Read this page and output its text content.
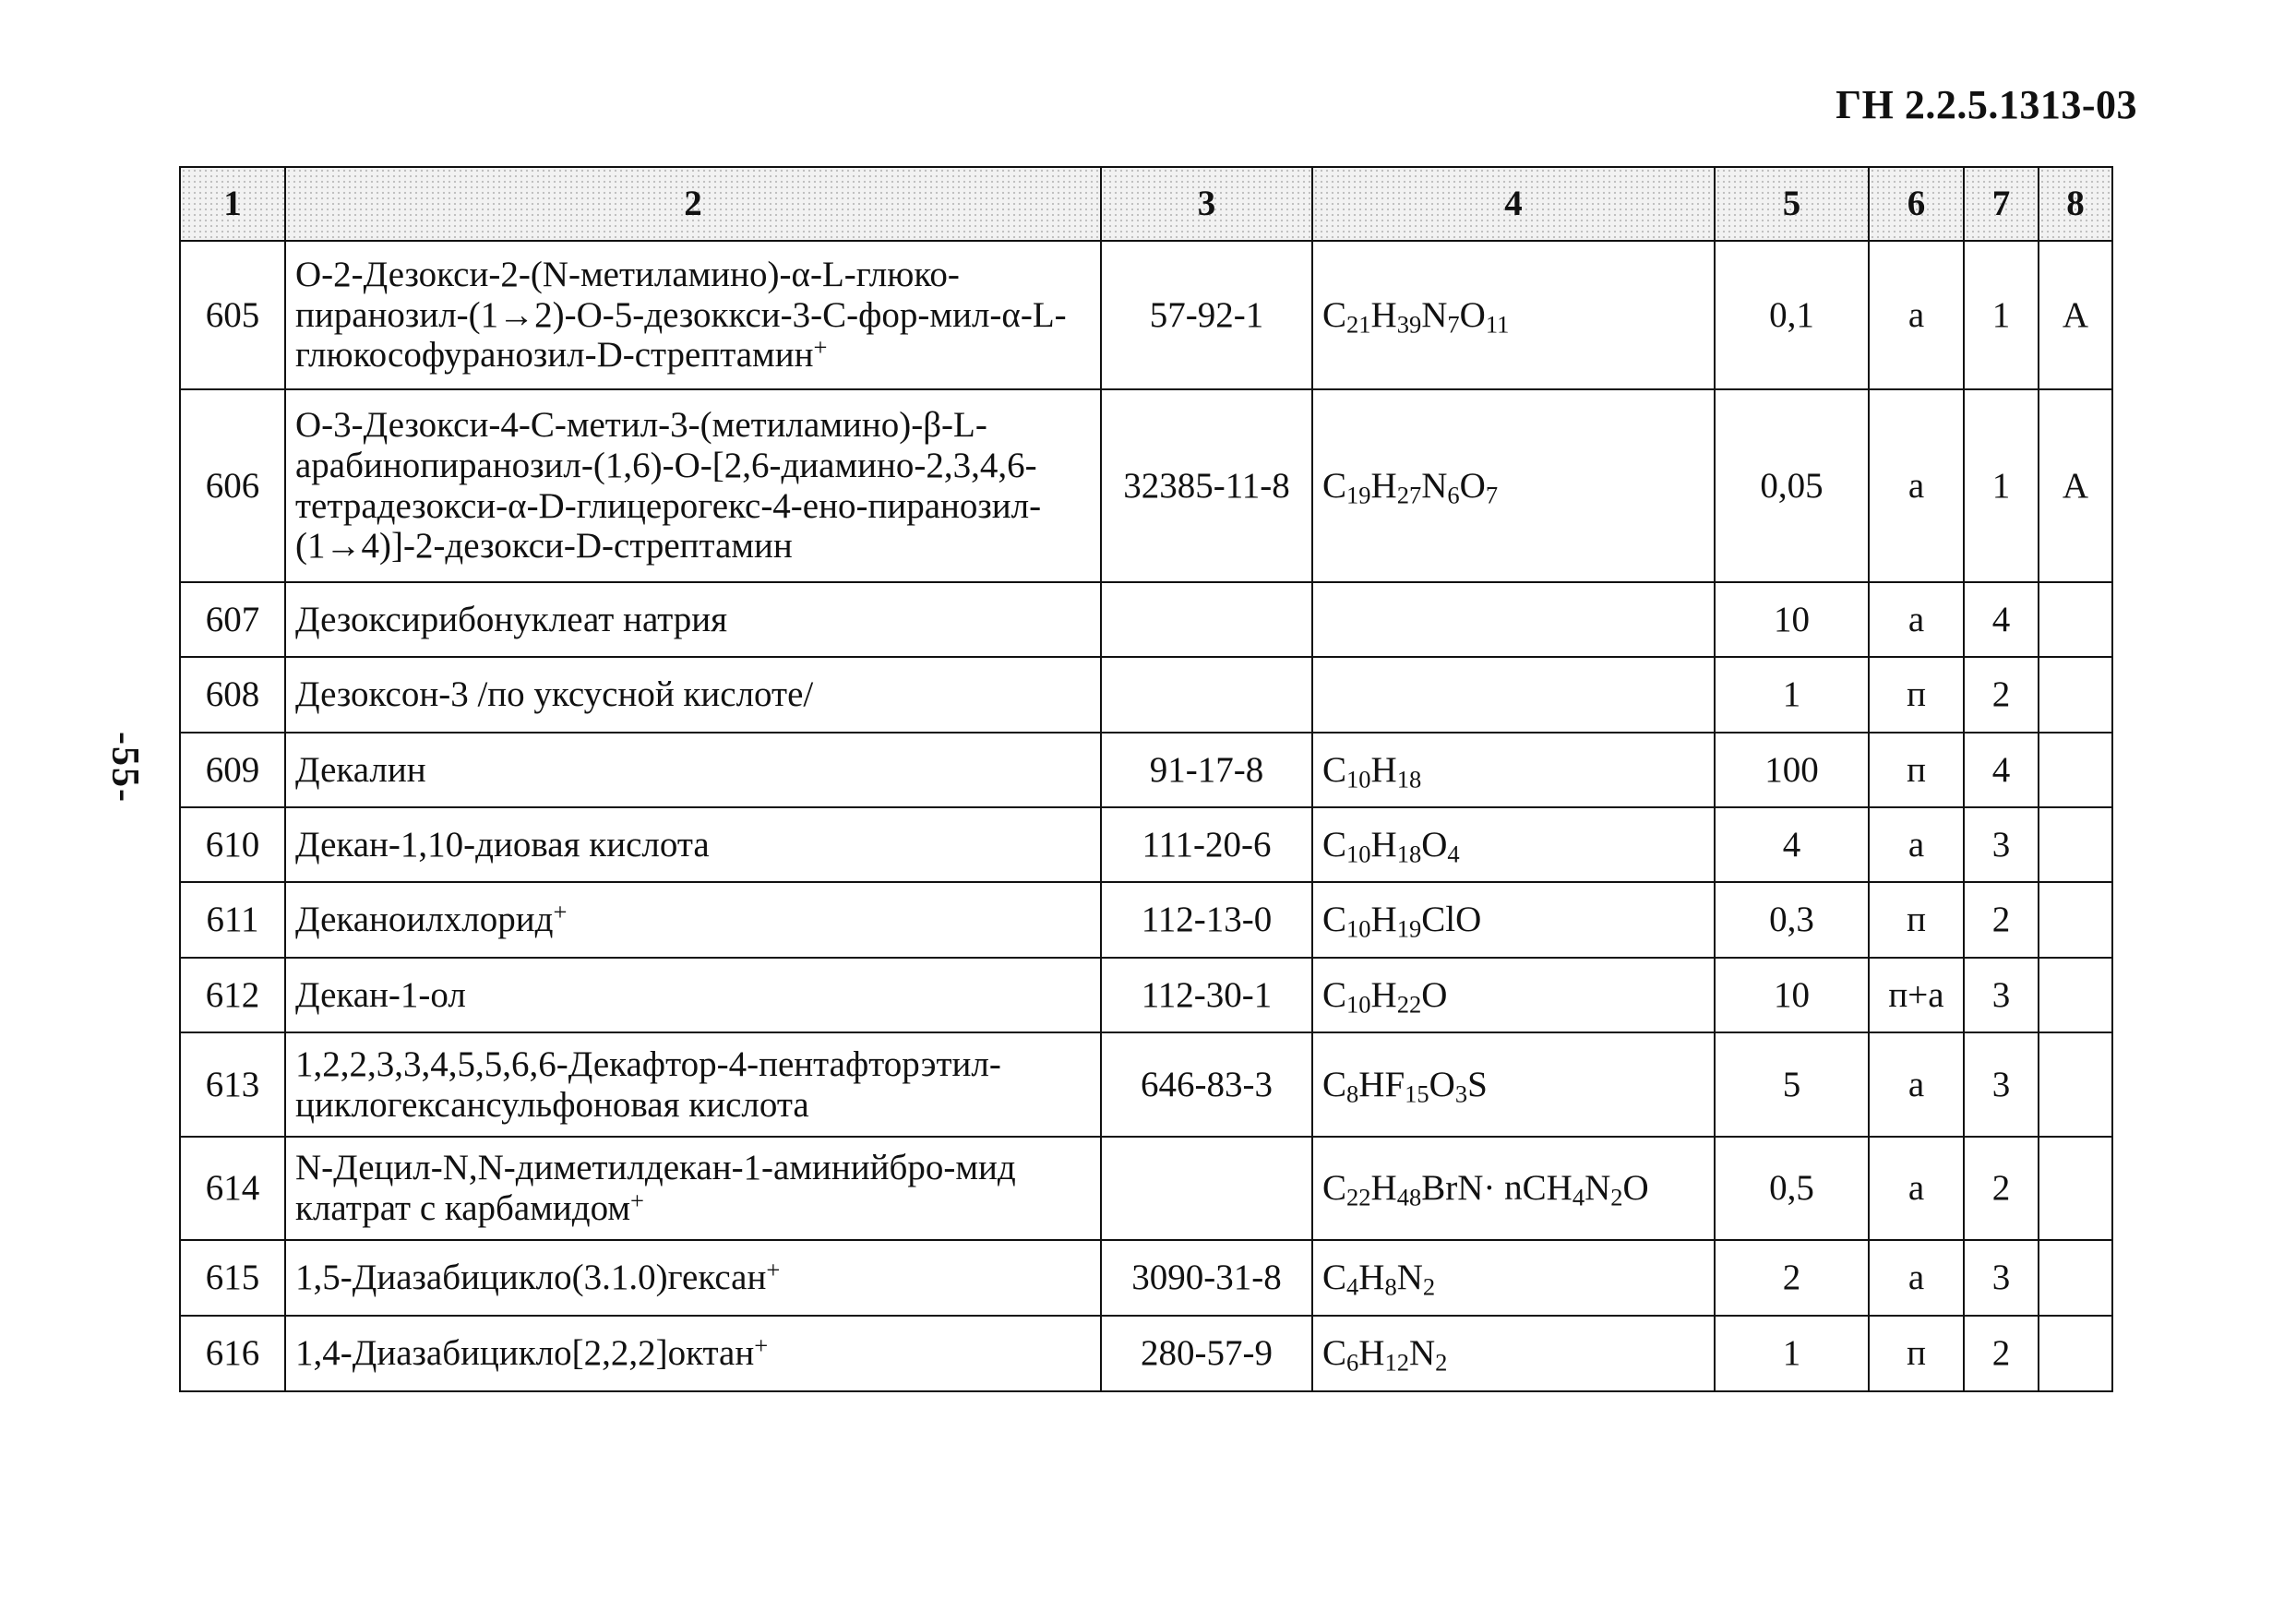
ГН 2.2.5.1313-03
-55-
1	2	3	4	5	6	7	8
605	О-2-Дезокси-2-(N-метиламино)-α-L-глюко-пиранозил-(1→2)-О-5-дезоккси-3-С-фор-мил-α-L-глюкософуранозил-D-стрептамин+	57-92-1	$C_{21}H_{39}N_7O_{11}$	0,1	а	1	А
606	О-3-Дезокси-4-С-метил-3-(метиламино)-β-L-арабинопиранозил-(1,6)-О-[2,6-диамино-2,3,4,6-тетрадезокси-α-D-глицерогекс-4-ено-пиранозил-(1→4)]-2-дезокси-D-стрептамин	32385-11-8	$C_{19}H_{27}N_6O_7$	0,05	а	1	А
607	Дезоксирибонуклеат натрия			10	а	4	
608	Дезоксон-3 /по уксусной кислоте/			1	п	2	
609	Декалин	91-17-8	$C_{10}H_{18}$	100	п	4	
610	Декан-1,10-диовая кислота	111-20-6	$C_{10}H_{18}O_4$	4	а	3	
611	Деканоилхлорид+	112-13-0	$C_{10}H_{19}ClO$	0,3	п	2	
612	Декан-1-ол	112-30-1	$C_{10}H_{22}O$	10	п+а	3	
613	1,2,2,3,3,4,5,5,6,6-Декафтор-4-пентафторэтил-циклогексансульфоновая кислота	646-83-3	$C_8HF_{15}O_3S$	5	а	3	
614	N-Децил-N,N-диметилдекан-1-аминийбро-мид клатрат с карбамидом+		$C_{22}H_{48}BrN\cdot nCH_4N_2O$	0,5	а	2	
615	1,5-Диазабицикло(3.1.0)гексан+	3090-31-8	$C_4H_8N_2$	2	а	3	
616	1,4-Диазабицикло[2,2,2]октан+	280-57-9	$C_6H_{12}N_2$	1	п	2	
